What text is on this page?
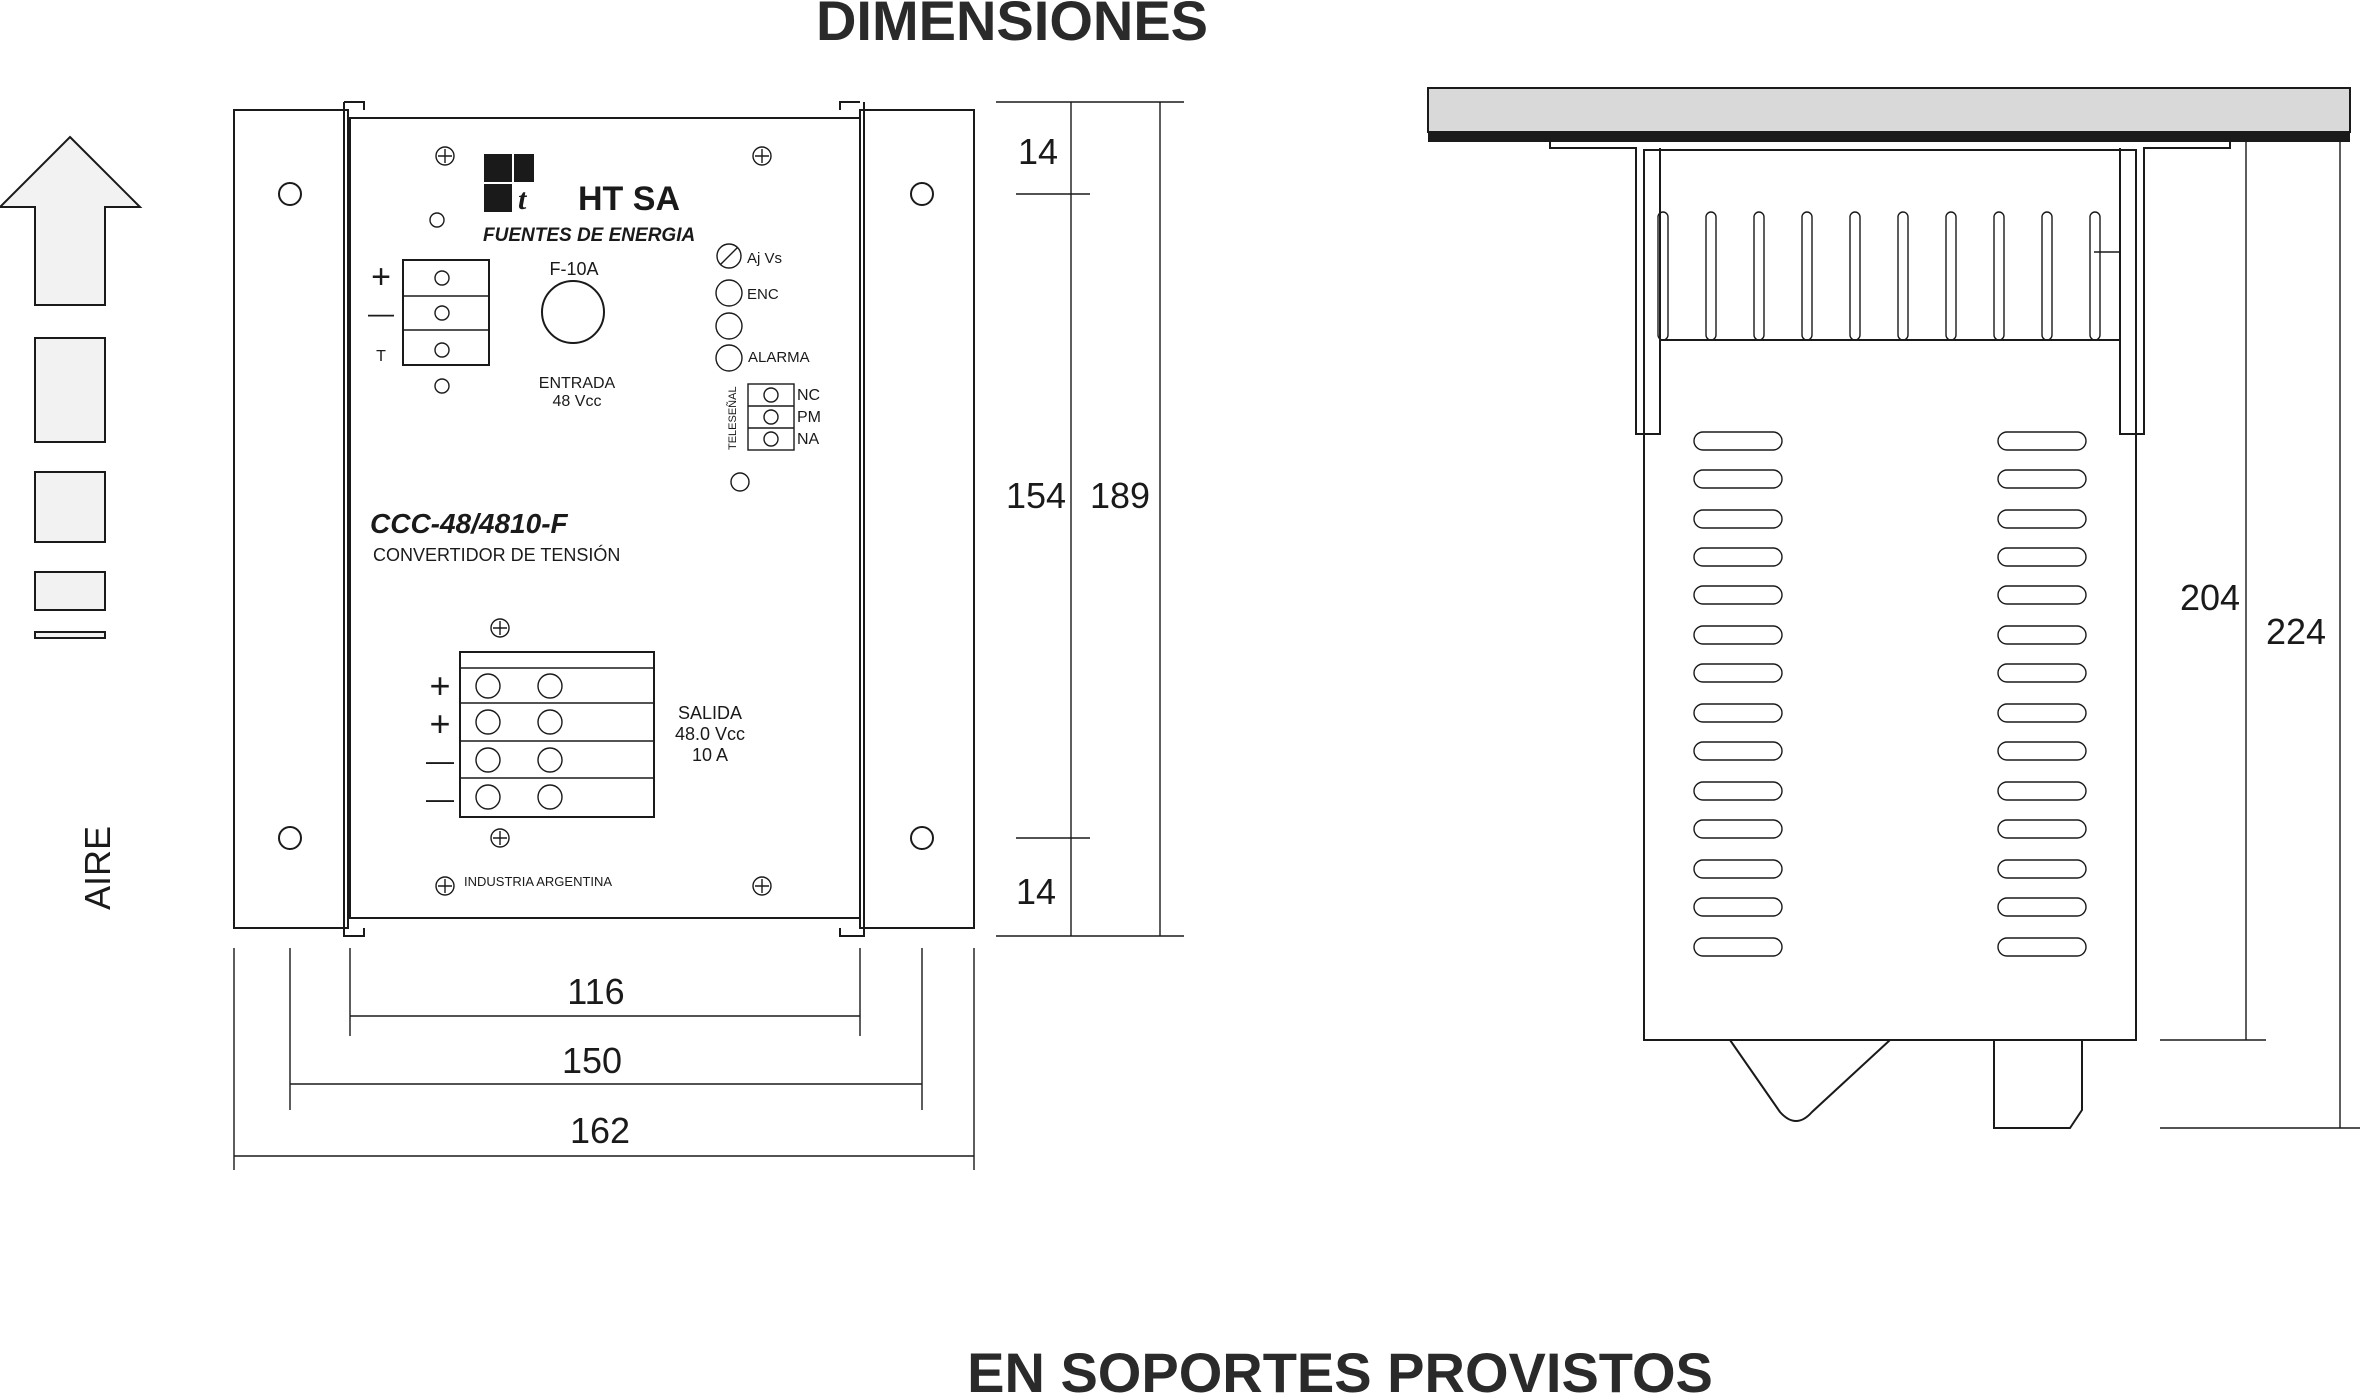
DIMENSIONES
EN SOPORTES PROVISTOS
AIRE
t HT SA
FUENTES DE ENERGIA
+
—
T
F-10A
ENTRADA
48 Vcc
Aj Vs
ENC
ALARMA
TELESEÑAL	NC
PM
NA
CCC-48/4810-F
CONVERTIDOR DE TENSIÓN
+
+
—
—
SALIDA
48.0 Vcc
10 A
INDUSTRIA ARGENTINA
14
154 189
14
116
150
162
204
224
